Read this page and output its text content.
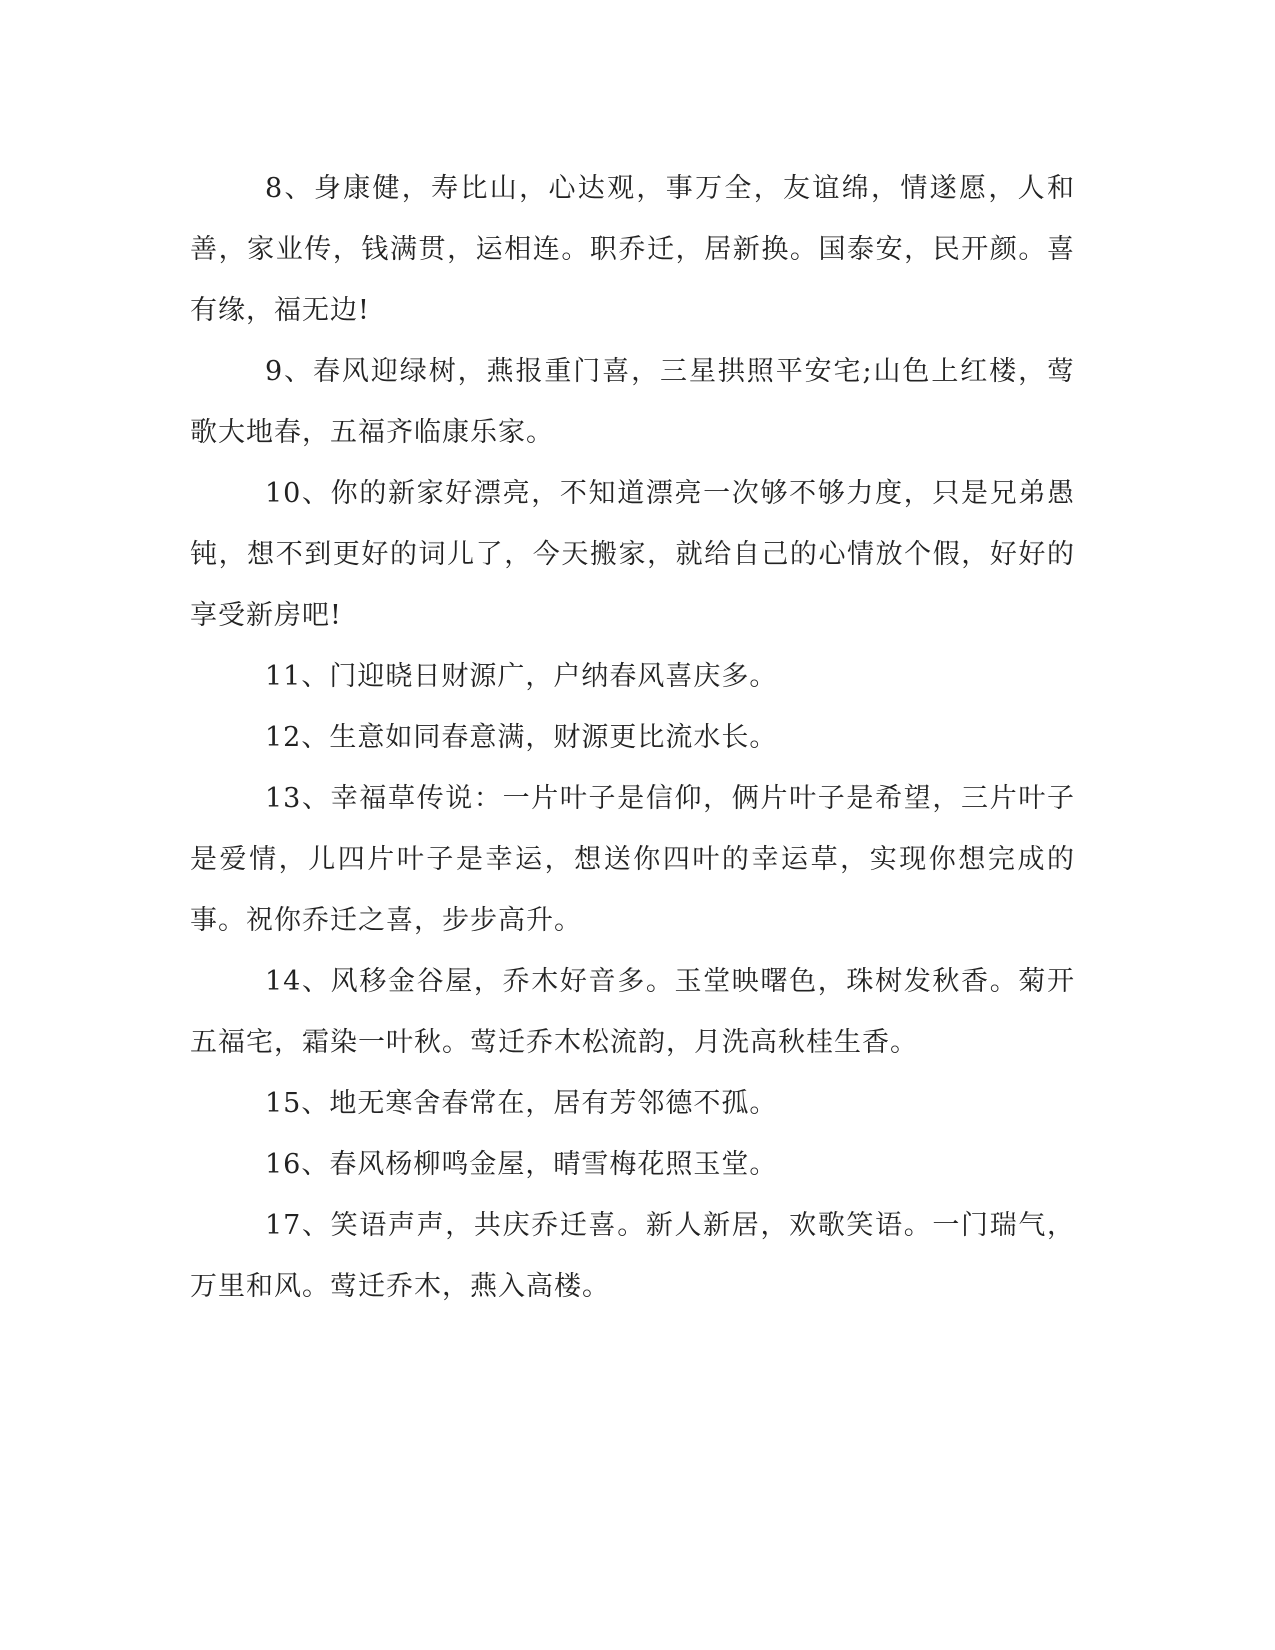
8、身康健，寿比山，心达观，事万全，友谊绵，情遂愿，人和善，家业传，钱满贯，运相连。职乔迁，居新换。国泰安，民开颜。喜有缘，福无边!

9、春风迎绿树，燕报重门喜，三星拱照平安宅;山色上红楼，莺歌大地春，五福齐临康乐家。

10、你的新家好漂亮，不知道漂亮一次够不够力度，只是兄弟愚钝，想不到更好的词儿了，今天搬家，就给自己的心情放个假，好好的享受新房吧!

11、门迎晓日财源广，户纳春风喜庆多。

12、生意如同春意满，财源更比流水长。

13、幸福草传说：一片叶子是信仰，俩片叶子是希望，三片叶子是爱情，儿四片叶子是幸运，想送你四叶的幸运草，实现你想完成的事。祝你乔迁之喜，步步高升。

14、风移金谷屋，乔木好音多。玉堂映曙色，珠树发秋香。菊开五福宅，霜染一叶秋。莺迁乔木松流韵，月洗高秋桂生香。

15、地无寒舍春常在，居有芳邻德不孤。

16、春风杨柳鸣金屋，晴雪梅花照玉堂。

17、笑语声声，共庆乔迁喜。新人新居，欢歌笑语。一门瑞气，万里和风。莺迁乔木，燕入高楼。
